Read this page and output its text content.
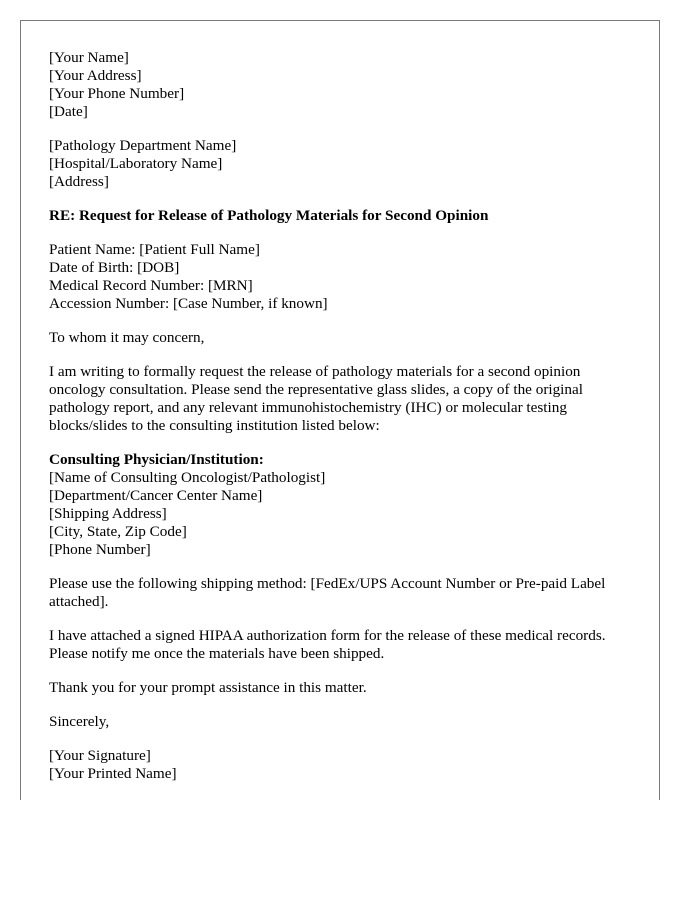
[Your Name]
[Your Address]
[Your Phone Number]
[Date]
[Pathology Department Name]
[Hospital/Laboratory Name]
[Address]
RE: Request for Release of Pathology Materials for Second Opinion
Patient Name: [Patient Full Name]
Date of Birth: [DOB]
Medical Record Number: [MRN]
Accession Number: [Case Number, if known]

To whom it may concern,

I am writing to formally request the release of pathology materials for a second opinion oncology consultation. Please send the representative glass slides, a copy of the original pathology report, and any relevant immunohistochemistry (IHC) or molecular testing blocks/slides to the consulting institution listed below:

Consulting Physician/Institution:
[Name of Consulting Oncologist/Pathologist]
[Department/Cancer Center Name]
[Shipping Address]
[City, State, Zip Code]
[Phone Number]

Please use the following shipping method: [FedEx/UPS Account Number or Pre-paid Label attached].

I have attached a signed HIPAA authorization form for the release of these medical records. Please notify me once the materials have been shipped.

Thank you for your prompt assistance in this matter.

Sincerely,

[Your Signature]
[Your Printed Name]
